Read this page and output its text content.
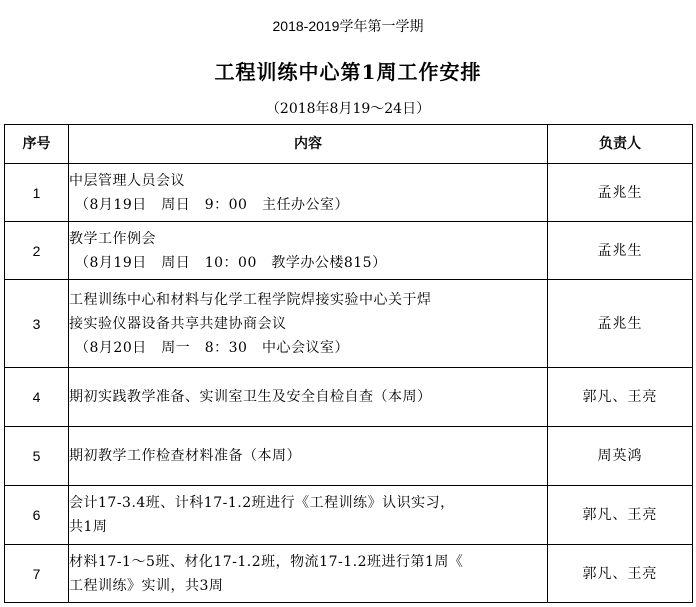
2018-2019学年第一学期
工程训练中心第1周工作安排
（2018年8月19～24日）
序号	内容	负责人
1	中层管理人员会议
（8月19日　周日　9：00　主任办公室）	孟兆生
2	教学工作例会
（8月19日　周日　10：00　教学办公楼815）	孟兆生
3	工程训练中心和材料与化学工程学院焊接实验中心关于焊
接实验仪器设备共享共建协商会议
（8月20日　周一　8：30　中心会议室）	孟兆生
4	期初实践教学准备、实训室卫生及安全自检自查（本周）	郭凡、王亮
5	期初教学工作检查材料准备（本周）	周英鸿
6	会计17-3.4班、计科17-1.2班进行《工程训练》认识实习，
共1周	郭凡、王亮
7	材料17-1～5班、材化17-1.2班，物流17-1.2班进行第1周《
工程训练》实训，共3周	郭凡、王亮
